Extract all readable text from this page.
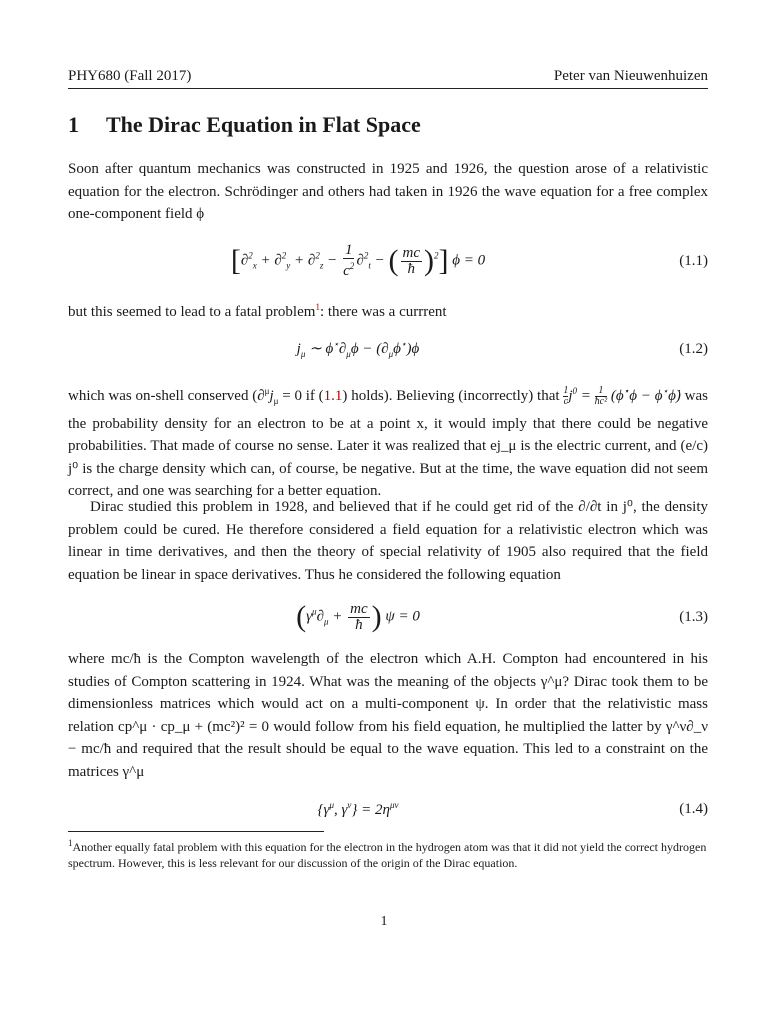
PHY680 (Fall 2017)	Peter van Nieuwenhuizen
1 The Dirac Equation in Flat Space

Soon after quantum mechanics was constructed in 1925 and 1926, the question arose of a relativistic equation for the electron. Schrödinger and others had taken in 1926 the wave equation for a free complex one-component field ϕ

[$\partial^2_x + \partial^2_y + \partial^2_z - \frac{1}{c^2} \partial^2_t$ − ( $\frac{mc}{ħ} )^2$] ϕ = 0	(1.1)

but this seemed to lead to a fatal problem$^1$: there was a currrent

$j_\mu$ ∼ $\phi^⋆\partial_\mu\phi - (\partial_\mu\phi^⋆)\phi$	(1.2)

which was on-shell conserved ($\partial^\mu j_\mu = 0$ if (1.1) holds). Believing (incorrectly) that $\frac{1}{c} j^0 = \frac{1}{\text{ħc²}}$ (ϕ̇⋆ϕ − ϕ⋆ϕ̇) was the probability density for an electron to be at a point x, it would imply that there could be negative probabilities. That made of course no sense. Later it was realized that ej_μ is the electric current, and (e/c) j⁰ is the charge density which can, of course, be negative. But at the time, the wave equation did not seem correct, and one was searching for a better equation.

Dirac studied this problem in 1928, and believed that if he could get rid of the ∂/∂t in j⁰, the density problem could be cured. He therefore considered a field equation for a relativistic electron which was linear in time derivatives, and then the theory of special relativity of 1905 also required that the field equation be linear in space derivatives. Thus he considered the following equation

($\gamma^\mu\partial_\mu + \frac{mc}{ħ}$ ) ψ = 0	(1.3)

where mc/ħ is the Compton wavelength of the electron which A.H. Compton had encountered in his studies of Compton scattering in 1924. What was the meaning of the objects γ^μ? Dirac took them to be dimensionless matrices which would act on a multi-component ψ. In order that the relativistic mass relation cp^μ · cp_μ + (mc²)² = 0 would follow from his field equation, he multiplied the latter by γ^ν∂_ν − mc/ħ and required that the result should be equal to the wave equation. This led to a constraint on the matrices γ^μ

{$\gamma^\mu$, $\gamma^\nu\} = 2\eta^{\mu\nu}$	(1.4)
$^1$Another equally fatal problem with this equation for the electron in the hydrogen atom was that it did not yield the correct hydrogen spectrum. However, this is less relevant for our discussion of the origin of the Dirac equation.
1
